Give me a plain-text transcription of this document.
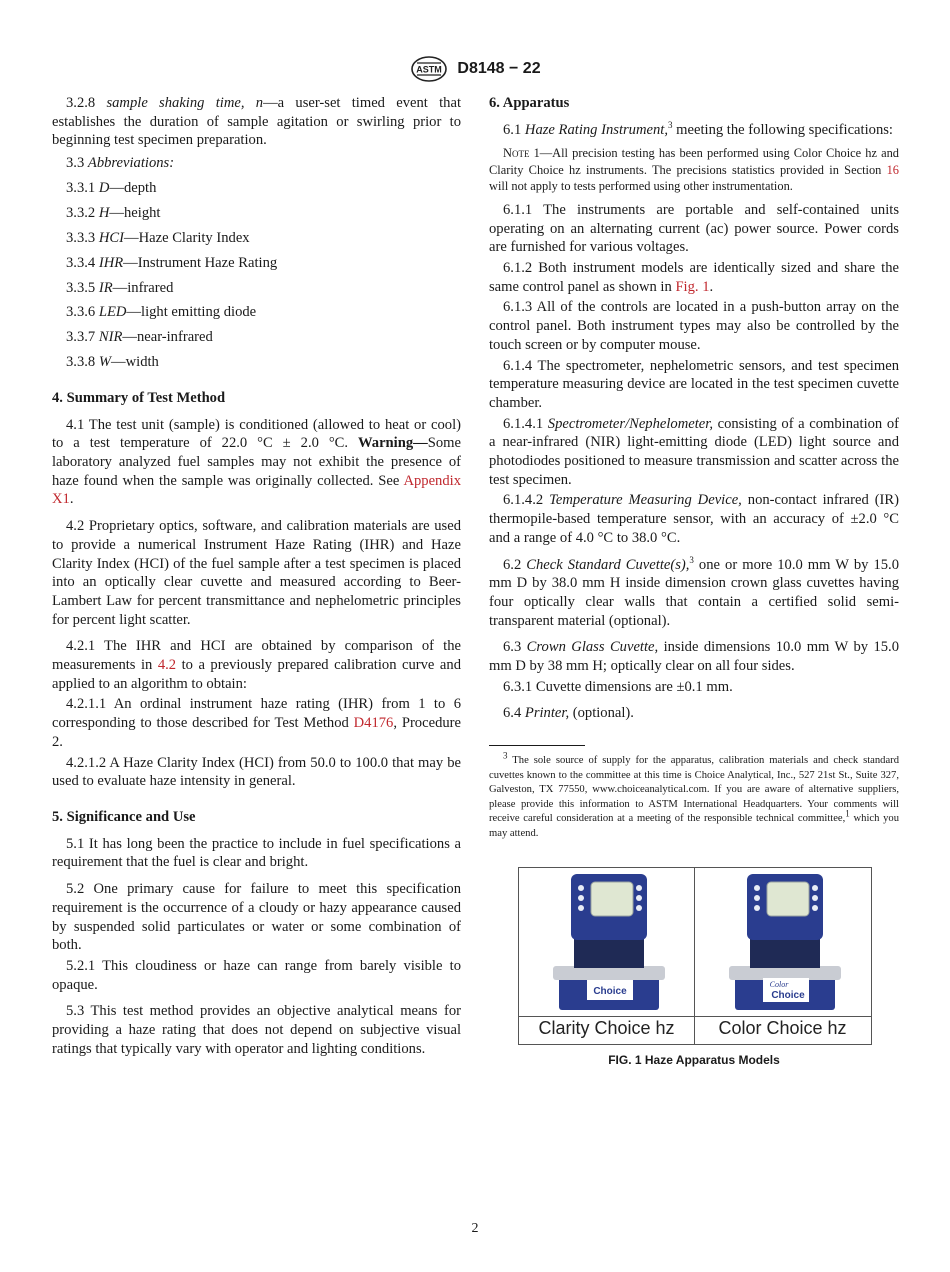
ASTM D8148 − 22

3.2.8 sample shaking time, n—a user-set timed event that establishes the duration of sample agitation or swirling prior to beginning test specimen preparation.

3.3 Abbreviations:

3.3.1 D—depth

3.3.2 H—height

3.3.3 HCI—Haze Clarity Index

3.3.4 IHR—Instrument Haze Rating

3.3.5 IR—infrared

3.3.6 LED—light emitting diode

3.3.7 NIR—near-infrared

3.3.8 W—width

4. Summary of Test Method

4.1 The test unit (sample) is conditioned (allowed to heat or cool) to a test temperature of 22.0 °C ± 2.0 °C. Warning—Some laboratory analyzed fuel samples may not exhibit the presence of haze found when the sample was originally collected. See Appendix X1.

4.2 Proprietary optics, software, and calibration materials are used to provide a numerical Instrument Haze Rating (IHR) and Haze Clarity Index (HCI) of the fuel sample after a test specimen is placed into an optically clear cuvette and measured according to Beer-Lambert Law for percent transmittance and nephelometric principles for percent light scatter.

4.2.1 The IHR and HCI are obtained by comparison of the measurements in 4.2 to a previously prepared calibration curve and applied to an algorithm to obtain:

4.2.1.1 An ordinal instrument haze rating (IHR) from 1 to 6 corresponding to those described for Test Method D4176, Procedure 2.

4.2.1.2 A Haze Clarity Index (HCI) from 50.0 to 100.0 that may be used to evaluate haze intensity in general.

5. Significance and Use

5.1 It has long been the practice to include in fuel specifications a requirement that the fuel is clear and bright.

5.2 One primary cause for failure to meet this specification requirement is the occurrence of a cloudy or hazy appearance caused by suspended solid particulates or water or some combination of both.

5.2.1 This cloudiness or haze can range from barely visible to opaque.

5.3 This test method provides an objective analytical means for providing a haze rating that does not depend on subjective visual ratings that typically vary with operator and lighting conditions.

6. Apparatus

6.1 Haze Rating Instrument,$^3$ meeting the following specifications:

Note 1—All precision testing has been performed using Color Choice hz and Clarity Choice hz instruments. The precisions statistics provided in Section 16 will not apply to tests performed using other instrumentation.

6.1.1 The instruments are portable and self-contained units operating on an alternating current (ac) power source. Power cords are furnished for various voltages.

6.1.2 Both instrument models are identically sized and share the same control panel as shown in Fig. 1.

6.1.3 All of the controls are located in a push-button array on the control panel. Both instrument types may also be controlled by the touch screen or by computer mouse.

6.1.4 The spectrometer, nephelometric sensors, and test specimen temperature measuring device are located in the test specimen cuvette chamber.

6.1.4.1 Spectrometer/Nephelometer, consisting of a combination of a near-infrared (NIR) light-emitting diode (LED) light source and photodiodes positioned to measure transmission and scatter across the test specimen.

6.1.4.2 Temperature Measuring Device, non-contact infrared (IR) thermopile-based temperature sensor, with an accuracy of ±2.0 °C and a range of 4.0 °C to 38.0 °C.

6.2 Check Standard Cuvette(s),$^3$ one or more 10.0 mm W by 15.0 mm D by 38.0 mm H inside dimension crown glass cuvettes having four optically clear walls that contain a certified solid semi-transparent material (optional).

6.3 Crown Glass Cuvette, inside dimensions 10.0 mm W by 15.0 mm D by 38 mm H; optically clear on all four sides.

6.3.1 Cuvette dimensions are ±0.1 mm.

6.4 Printer, (optional).

$^3$ The sole source of supply for the apparatus, calibration materials and check standard cuvettes known to the committee at this time is Choice Analytical, Inc., 527 21st St., Suite 327, Galveston, TX 77550, www.choiceanalytical.com. If you are aware of alternative suppliers, please provide this information to ASTM International Headquarters. Your comments will receive careful consideration at a meeting of the responsible technical committee,$^1$ which you may attend.

Choice
Color
Choice
Clarity Choice hz	Color Choice hz
FIG. 1 Haze Apparatus Models
2
